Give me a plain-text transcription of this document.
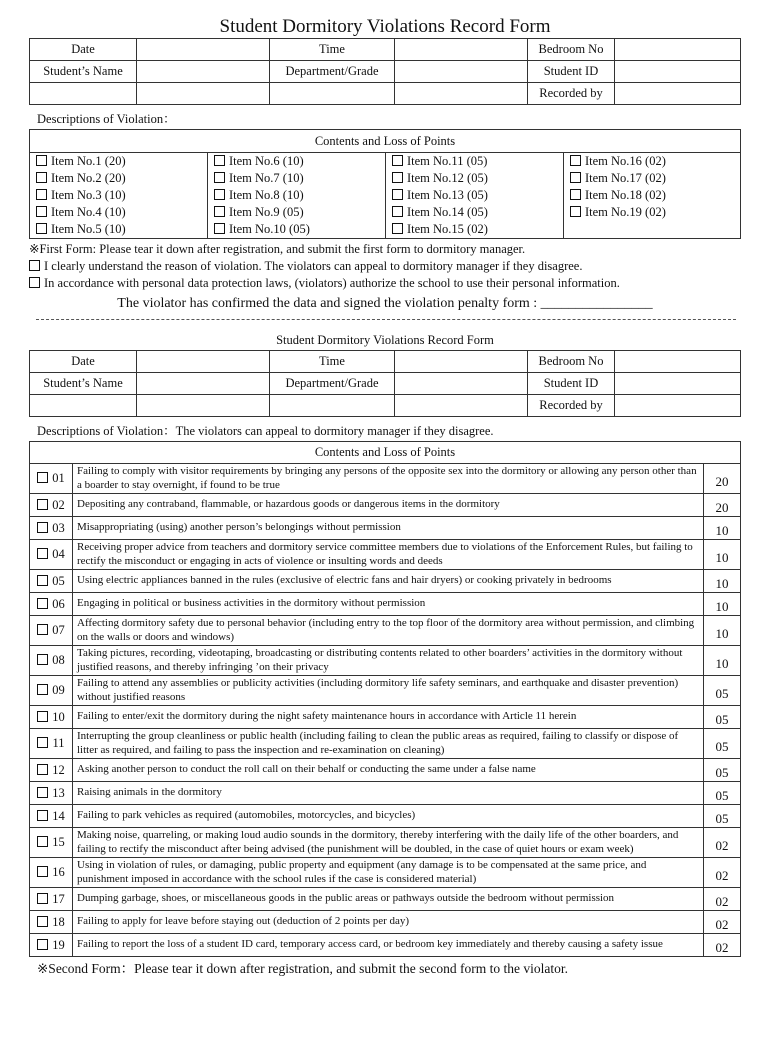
Student Dormitory Violations Record Form
Date		Time		Bedroom No	
Student’s Name		Department/Grade		Student ID	
				Recorded by	
Descriptions of Violation：
Contents and Loss of Points

Item No.1 (20)
Item No.2 (20)
Item No.3 (10)
Item No.4 (10)
Item No.5 (10)

Item No.6 (10)
Item No.7 (10)
Item No.8 (10)
Item No.9 (05)
Item No.10 (05)

Item No.11 (05)
Item No.12 (05)
Item No.13 (05)
Item No.14 (05)
Item No.15 (02)

Item No.16 (02)
Item No.17 (02)
Item No.18 (02)
Item No.19 (02)
※First Form: Please tear it down after registration, and submit the first form to dormitory manager.
I clearly understand the reason of violation. The violators can appeal to dormitory manager if they disagree.
In accordance with personal data protection laws, (violators) authorize the school to use their personal information.
The violator has confirmed the data and signed the violation penalty form : ________________
Student Dormitory Violations Record Form
Date		Time		Bedroom No	
Student’s Name		Department/Grade		Student ID	
				Recorded by	
Descriptions of Violation：The violators can appeal to dormitory manager if they disagree.
Contents and Loss of Points		
01	Failing to comply with visitor requirements by bringing any persons of the opposite sex into the dormitory or allowing any person other than a boarder to stay overnight, if found to be true	20
02	Depositing any contraband, flammable, or hazardous goods or dangerous items in the dormitory	20
03	Misappropriating (using) another person’s belongings without permission	10
04	Receiving proper advice from teachers and dormitory service committee members due to violations of the Enforcement Rules, but failing to rectify the misconduct or engaging in acts of violence or insulting words and deeds	10
05	Using electric appliances banned in the rules (exclusive of electric fans and hair dryers) or cooking privately in bedrooms	10
06	Engaging in political or business activities in the dormitory without permission	10
07	Affecting dormitory safety due to personal behavior (including entry to the top floor of the dormitory area without permission, and climbing on the walls or doors and windows)	10
08	Taking pictures, recording, videotaping, broadcasting or distributing contents related to other boarders’ activities in the dormitory without justified reasons, and thereby infringing ’on their privacy	10
09	Failing to attend any assemblies or publicity activities (including dormitory life safety seminars, and earthquake and disaster prevention) without justified reasons	05
10	Failing to enter/exit the dormitory during the night safety maintenance hours in accordance with Article 11 herein	05
11	Interrupting the group cleanliness or public health (including failing to clean the public areas as required, failing to classify or dispose of litter as required, and failing to pass the inspection and re-examination on cleaning)	05
12	Asking another person to conduct the roll call on their behalf or conducting the same under a false name	05
13	Raising animals in the dormitory	05
14	Failing to park vehicles as required (automobiles, motorcycles, and bicycles)	05
15	Making noise, quarreling, or making loud audio sounds in the dormitory, thereby interfering with the daily life of the other boarders, and failing to rectify the misconduct after being advised (the punishment will be doubled, in the case of quiet hours or exam week)	02
16	Using in violation of rules, or damaging, public property and equipment (any damage is to be compensated at the same price, and punishment imposed in accordance with the school rules if the case is considered material)	02
17	Dumping garbage, shoes, or miscellaneous goods in the public areas or pathways outside the bedroom without permission	02
18	Failing to apply for leave before staying out (deduction of 2 points per day)	02
19	Failing to report the loss of a student ID card, temporary access card, or bedroom key immediately and thereby causing a safety issue	02
※Second Form：Please tear it down after registration, and submit the second form to the violator.
